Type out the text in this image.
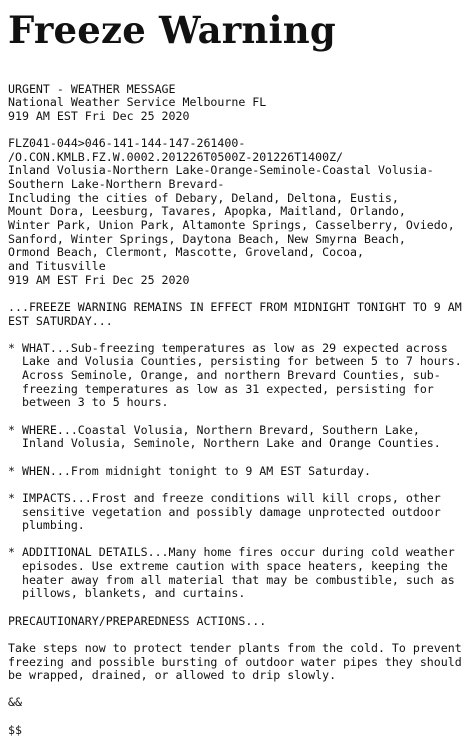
Freeze Warning
URGENT - WEATHER MESSAGE
National Weather Service Melbourne FL
919 AM EST Fri Dec 25 2020
FLZ041-044>046-141-144-147-261400-
/O.CON.KMLB.FZ.W.0002.201226T0500Z-201226T1400Z/
Inland Volusia-Northern Lake-Orange-Seminole-Coastal Volusia-
Southern Lake-Northern Brevard-
Including the cities of Debary, Deland, Deltona, Eustis,
Mount Dora, Leesburg, Tavares, Apopka, Maitland, Orlando,
Winter Park, Union Park, Altamonte Springs, Casselberry, Oviedo,
Sanford, Winter Springs, Daytona Beach, New Smyrna Beach,
Ormond Beach, Clermont, Mascotte, Groveland, Cocoa,
and Titusville
919 AM EST Fri Dec 25 2020
...FREEZE WARNING REMAINS IN EFFECT FROM MIDNIGHT TONIGHT TO 9 AM
EST SATURDAY...
* WHAT...Sub-freezing temperatures as low as 29 expected across
Lake and Volusia Counties, persisting for between 5 to 7 hours.
Across Seminole, Orange, and northern Brevard Counties, sub-
freezing temperatures as low as 31 expected, persisting for
between 3 to 5 hours.
* WHERE...Coastal Volusia, Northern Brevard, Southern Lake,
Inland Volusia, Seminole, Northern Lake and Orange Counties.
* WHEN...From midnight tonight to 9 AM EST Saturday.
* IMPACTS...Frost and freeze conditions will kill crops, other
sensitive vegetation and possibly damage unprotected outdoor
plumbing.
* ADDITIONAL DETAILS...Many home fires occur during cold weather
episodes. Use extreme caution with space heaters, keeping the
heater away from all material that may be combustible, such as
pillows, blankets, and curtains.
PRECAUTIONARY/PREPAREDNESS ACTIONS...
Take steps now to protect tender plants from the cold. To prevent
freezing and possible bursting of outdoor water pipes they should
be wrapped, drained, or allowed to drip slowly.
&&
$$
